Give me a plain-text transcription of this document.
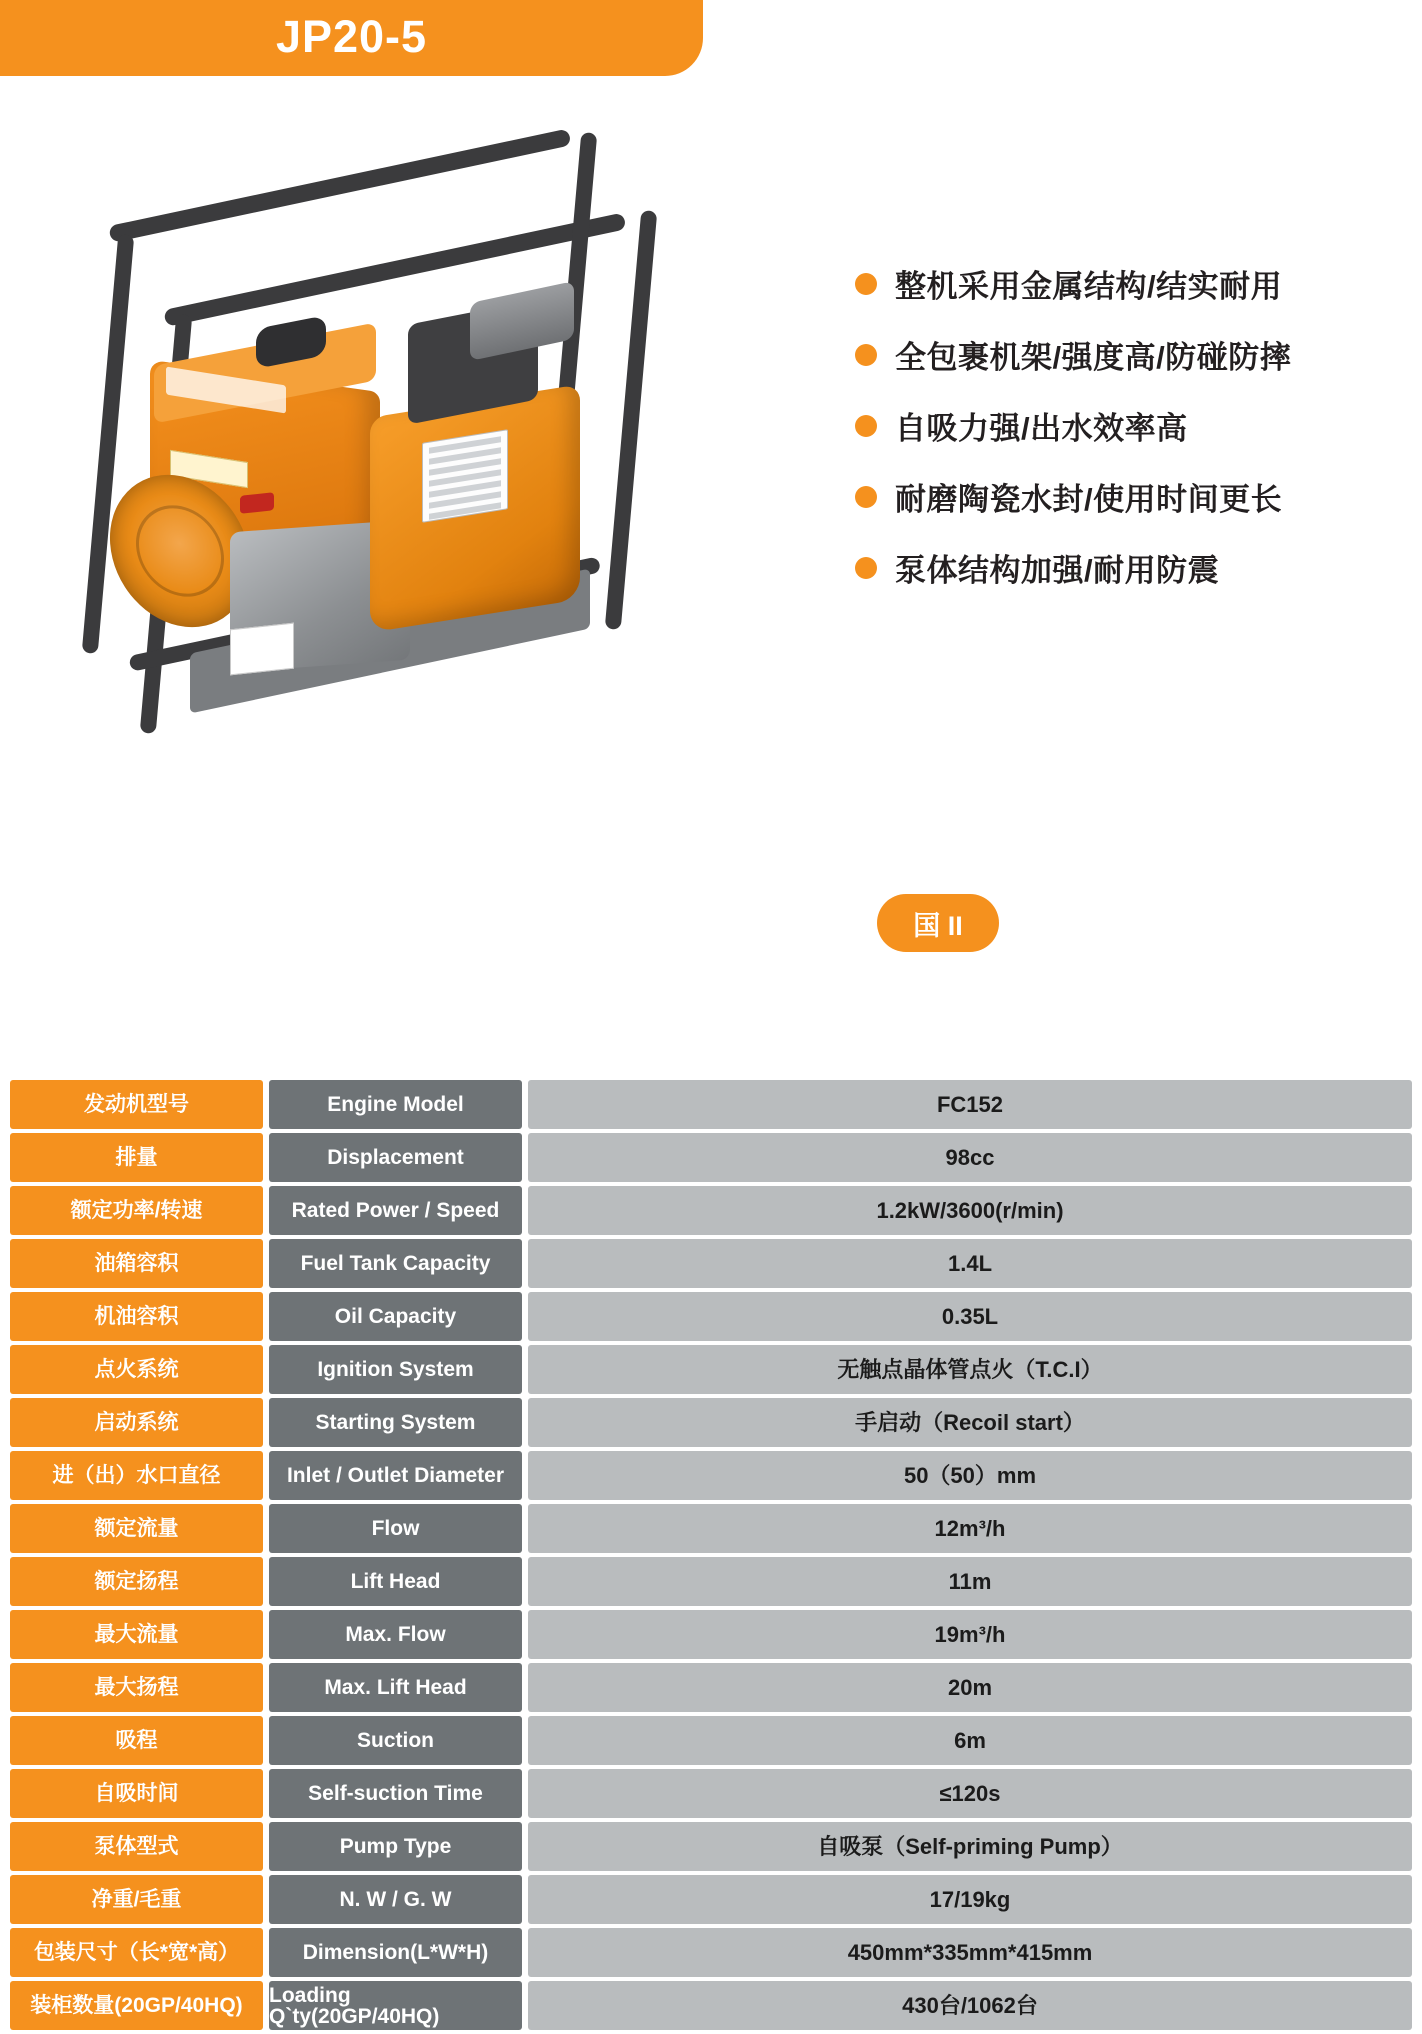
JP20-5
整机采用金属结构/结实耐用
全包裹机架/强度高/防碰防摔
自吸力强/出水效率高
耐磨陶瓷水封/使用时间更长
泵体结构加强/耐用防震
国 II
发动机型号	Engine Model	FC152
排量	Displacement	98cc
额定功率/转速	Rated Power / Speed	1.2kW/3600(r/min)
油箱容积	Fuel Tank Capacity	1.4L
机油容积	Oil Capacity	0.35L
点火系统	Ignition System	无触点晶体管点火（T.C.I）
启动系统	Starting System	手启动（Recoil start）
进（出）水口直径	Inlet / Outlet Diameter	50（50）mm
额定流量	Flow	12m³/h
额定扬程	Lift Head	11m
最大流量	Max. Flow	19m³/h
最大扬程	Max. Lift Head	20m
吸程	Suction	6m
自吸时间	Self-suction Time	≤120s
泵体型式	Pump Type	自吸泵（Self-priming Pump）
净重/毛重	N. W / G. W	17/19kg
包装尺寸（长*宽*高）	Dimension(L*W*H)	450mm*335mm*415mm
装柜数量(20GP/40HQ)	Loading Q`ty(20GP/40HQ)	430台/1062台
